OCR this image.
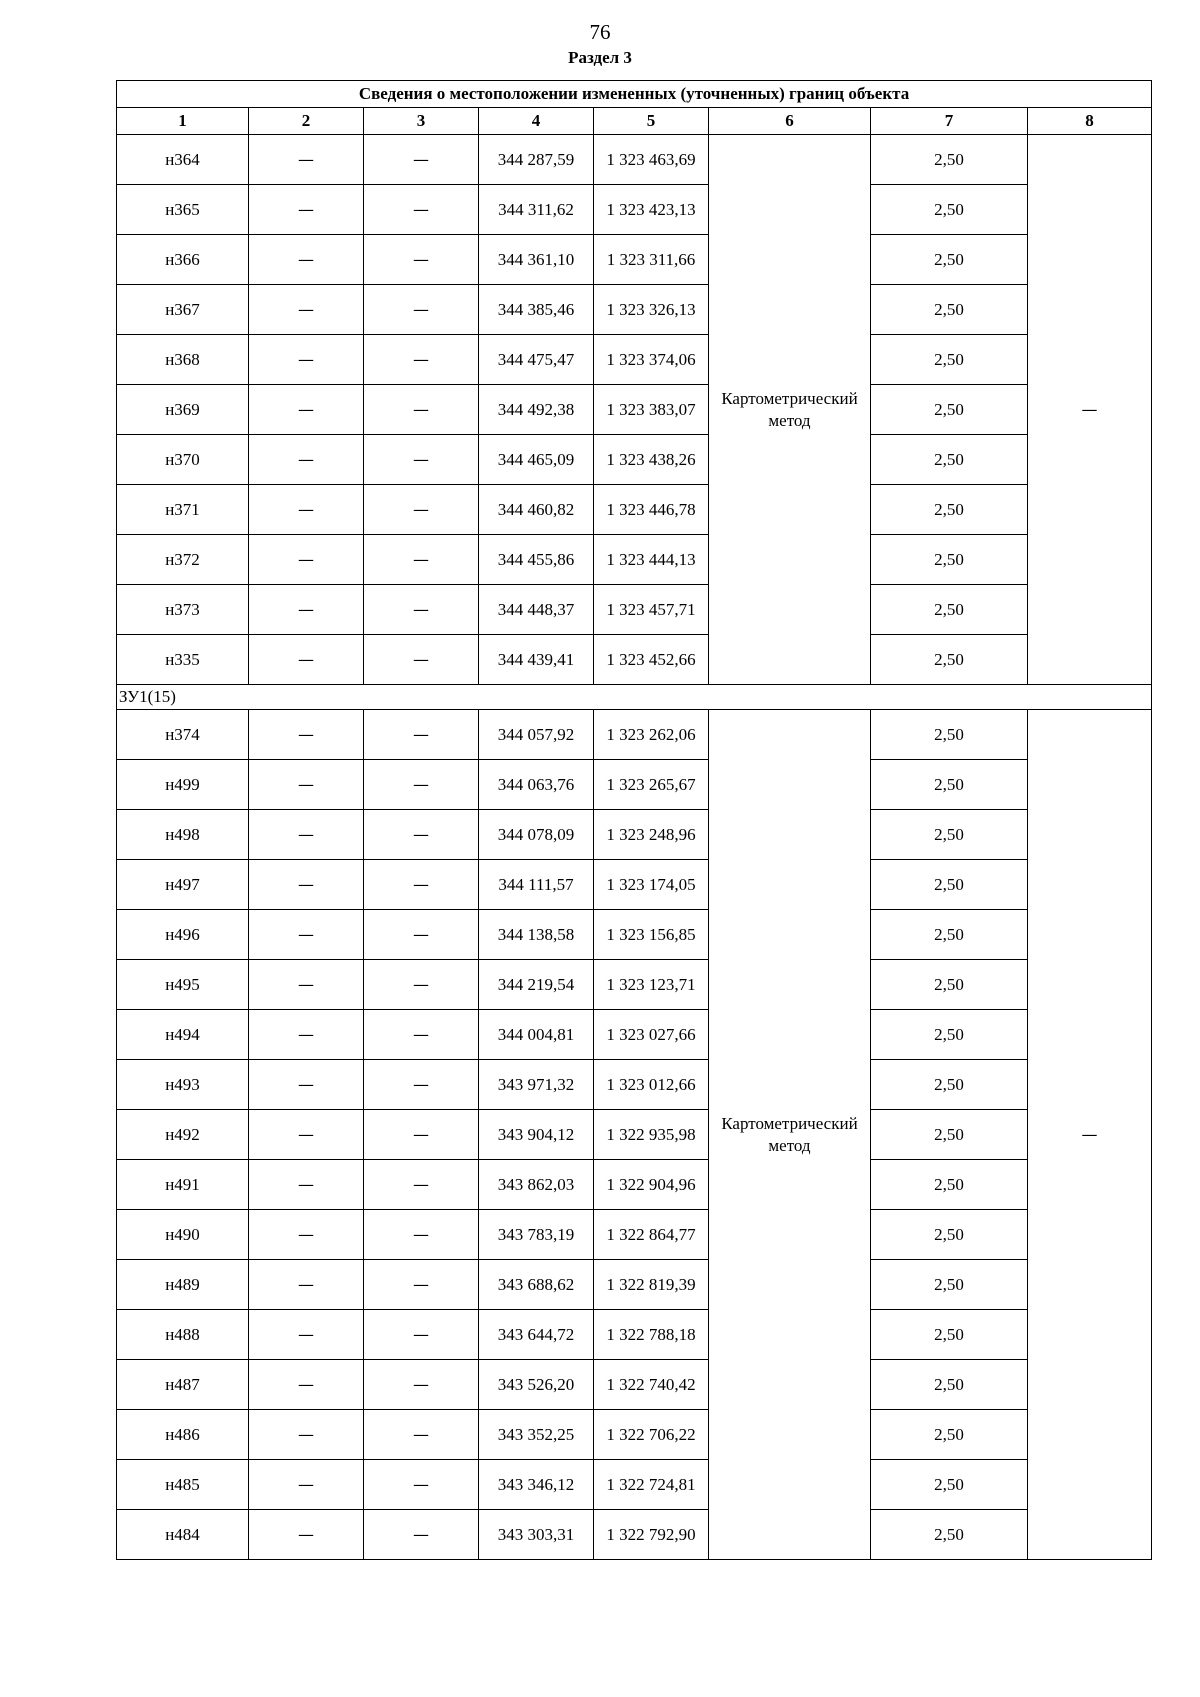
76
Раздел 3
Сведения о местоположении измененных (уточненных) границ объекта							
1	2	3	4	5	6	7	8
н364	—	—	344 287,59	1 323 463,69	Картометрический метод	2,50	—
н365	—	—	344 311,62	1 323 423,13		2,50	
н366	—	—	344 361,10	1 323 311,66		2,50	
н367	—	—	344 385,46	1 323 326,13		2,50	
н368	—	—	344 475,47	1 323 374,06		2,50	
н369	—	—	344 492,38	1 323 383,07		2,50	
н370	—	—	344 465,09	1 323 438,26		2,50	
н371	—	—	344 460,82	1 323 446,78		2,50	
н372	—	—	344 455,86	1 323 444,13		2,50	
н373	—	—	344 448,37	1 323 457,71		2,50	
н335	—	—	344 439,41	1 323 452,66		2,50	
ЗУ1(15)							
н374	—	—	344 057,92	1 323 262,06	Картометрический метод	2,50	—
н499	—	—	344 063,76	1 323 265,67		2,50	
н498	—	—	344 078,09	1 323 248,96		2,50	
н497	—	—	344 111,57	1 323 174,05		2,50	
н496	—	—	344 138,58	1 323 156,85		2,50	
н495	—	—	344 219,54	1 323 123,71		2,50	
н494	—	—	344 004,81	1 323 027,66		2,50	
н493	—	—	343 971,32	1 323 012,66		2,50	
н492	—	—	343 904,12	1 322 935,98		2,50	
н491	—	—	343 862,03	1 322 904,96		2,50	
н490	—	—	343 783,19	1 322 864,77		2,50	
н489	—	—	343 688,62	1 322 819,39		2,50	
н488	—	—	343 644,72	1 322 788,18		2,50	
н487	—	—	343 526,20	1 322 740,42		2,50	
н486	—	—	343 352,25	1 322 706,22		2,50	
н485	—	—	343 346,12	1 322 724,81		2,50	
н484	—	—	343 303,31	1 322 792,90		2,50	
